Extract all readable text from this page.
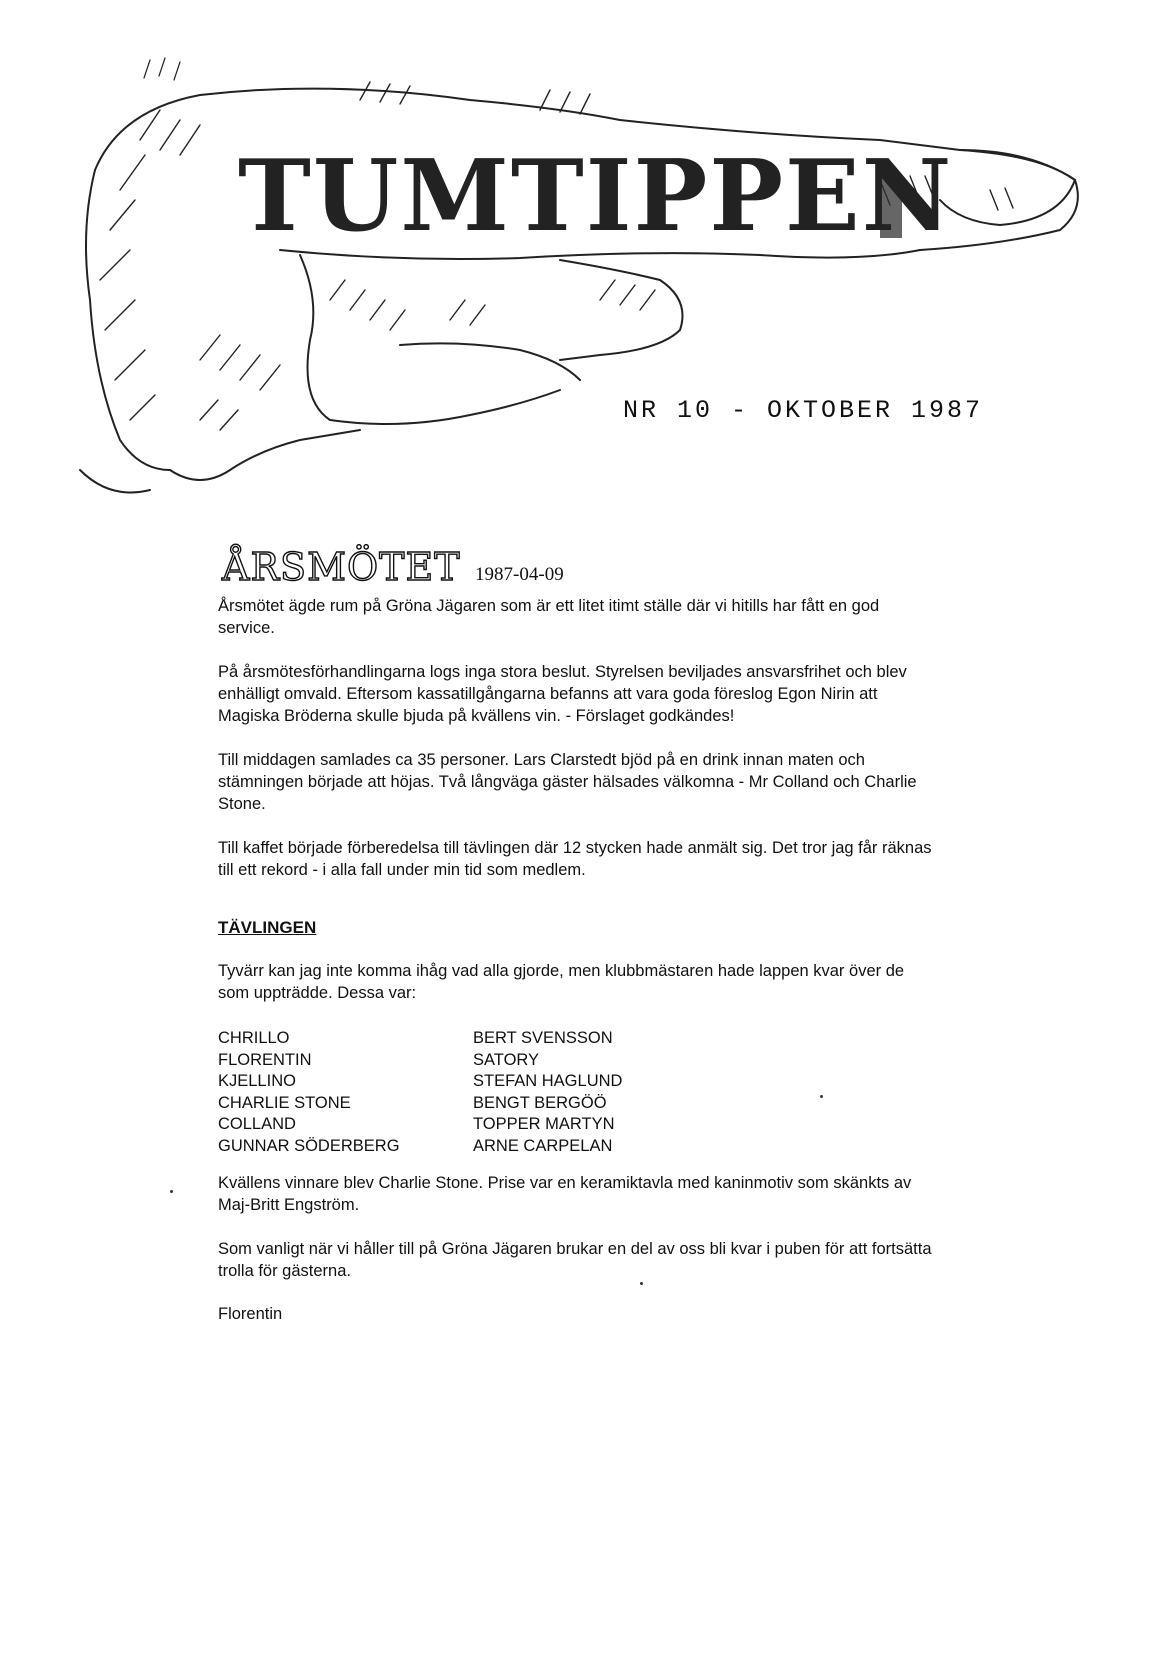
TUMTIPPEN
NR 10 - OKTOBER 1987
ÅRSMÖTET 1987-04-09

Årsmötet ägde rum på Gröna Jägaren som är ett litet itimt ställe där vi hitills har fått en god service.

På årsmötesförhandlingarna logs inga stora beslut. Styrelsen beviljades ansvarsfrihet och blev enhälligt omvald. Eftersom kassatillgångarna befanns att vara goda föreslog Egon Nirin att Magiska Bröderna skulle bjuda på kvällens vin. - Förslaget godkändes!

Till middagen samlades ca 35 personer. Lars Clarstedt bjöd på en drink innan maten och stämningen började att höjas. Två långväga gäster hälsades välkomna - Mr Colland och Charlie Stone.

Till kaffet började förberedelsa till tävlingen där 12 stycken hade anmält sig. Det tror jag får räknas till ett rekord - i alla fall under min tid som medlem.

TÄVLINGEN

Tyvärr kan jag inte komma ihåg vad alla gjorde, men klubbmästaren hade lappen kvar över de som uppträdde. Dessa var:

CHRILLO
FLORENTIN
KJELLINO
CHARLIE STONE
COLLAND
GUNNAR SÖDERBERG
BERT SVENSSON
SATORY
STEFAN HAGLUND
BENGT BERGÖÖ
TOPPER MARTYN
ARNE CARPELAN

Kvällens vinnare blev Charlie Stone. Prise var en keramiktavla med kaninmotiv som skänkts av Maj-Britt Engström.

Som vanligt när vi håller till på Gröna Jägaren brukar en del av oss bli kvar i puben för att fortsätta trolla för gästerna.

Florentin
